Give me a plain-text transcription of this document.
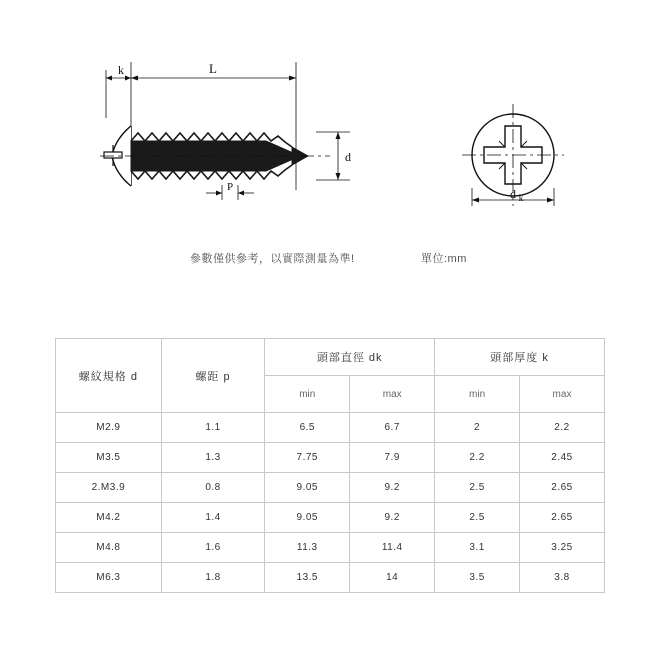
k	L
d
P	d k
參數僅供參考，以實際測量為準!	單位:mm
螺紋規格 d	螺距 p	頭部直徑 dk		頭部厚度 k	
		min	max	min	max
M2.9	1.1	6.5	6.7	2	2.2
M3.5	1.3	7.75	7.9	2.2	2.45
2.M3.9	0.8	9.05	9.2	2.5	2.65
M4.2	1.4	9.05	9.2	2.5	2.65
M4.8	1.6	11.3	11.4	3.1	3.25
M6.3	1.8	13.5	14	3.5	3.8
